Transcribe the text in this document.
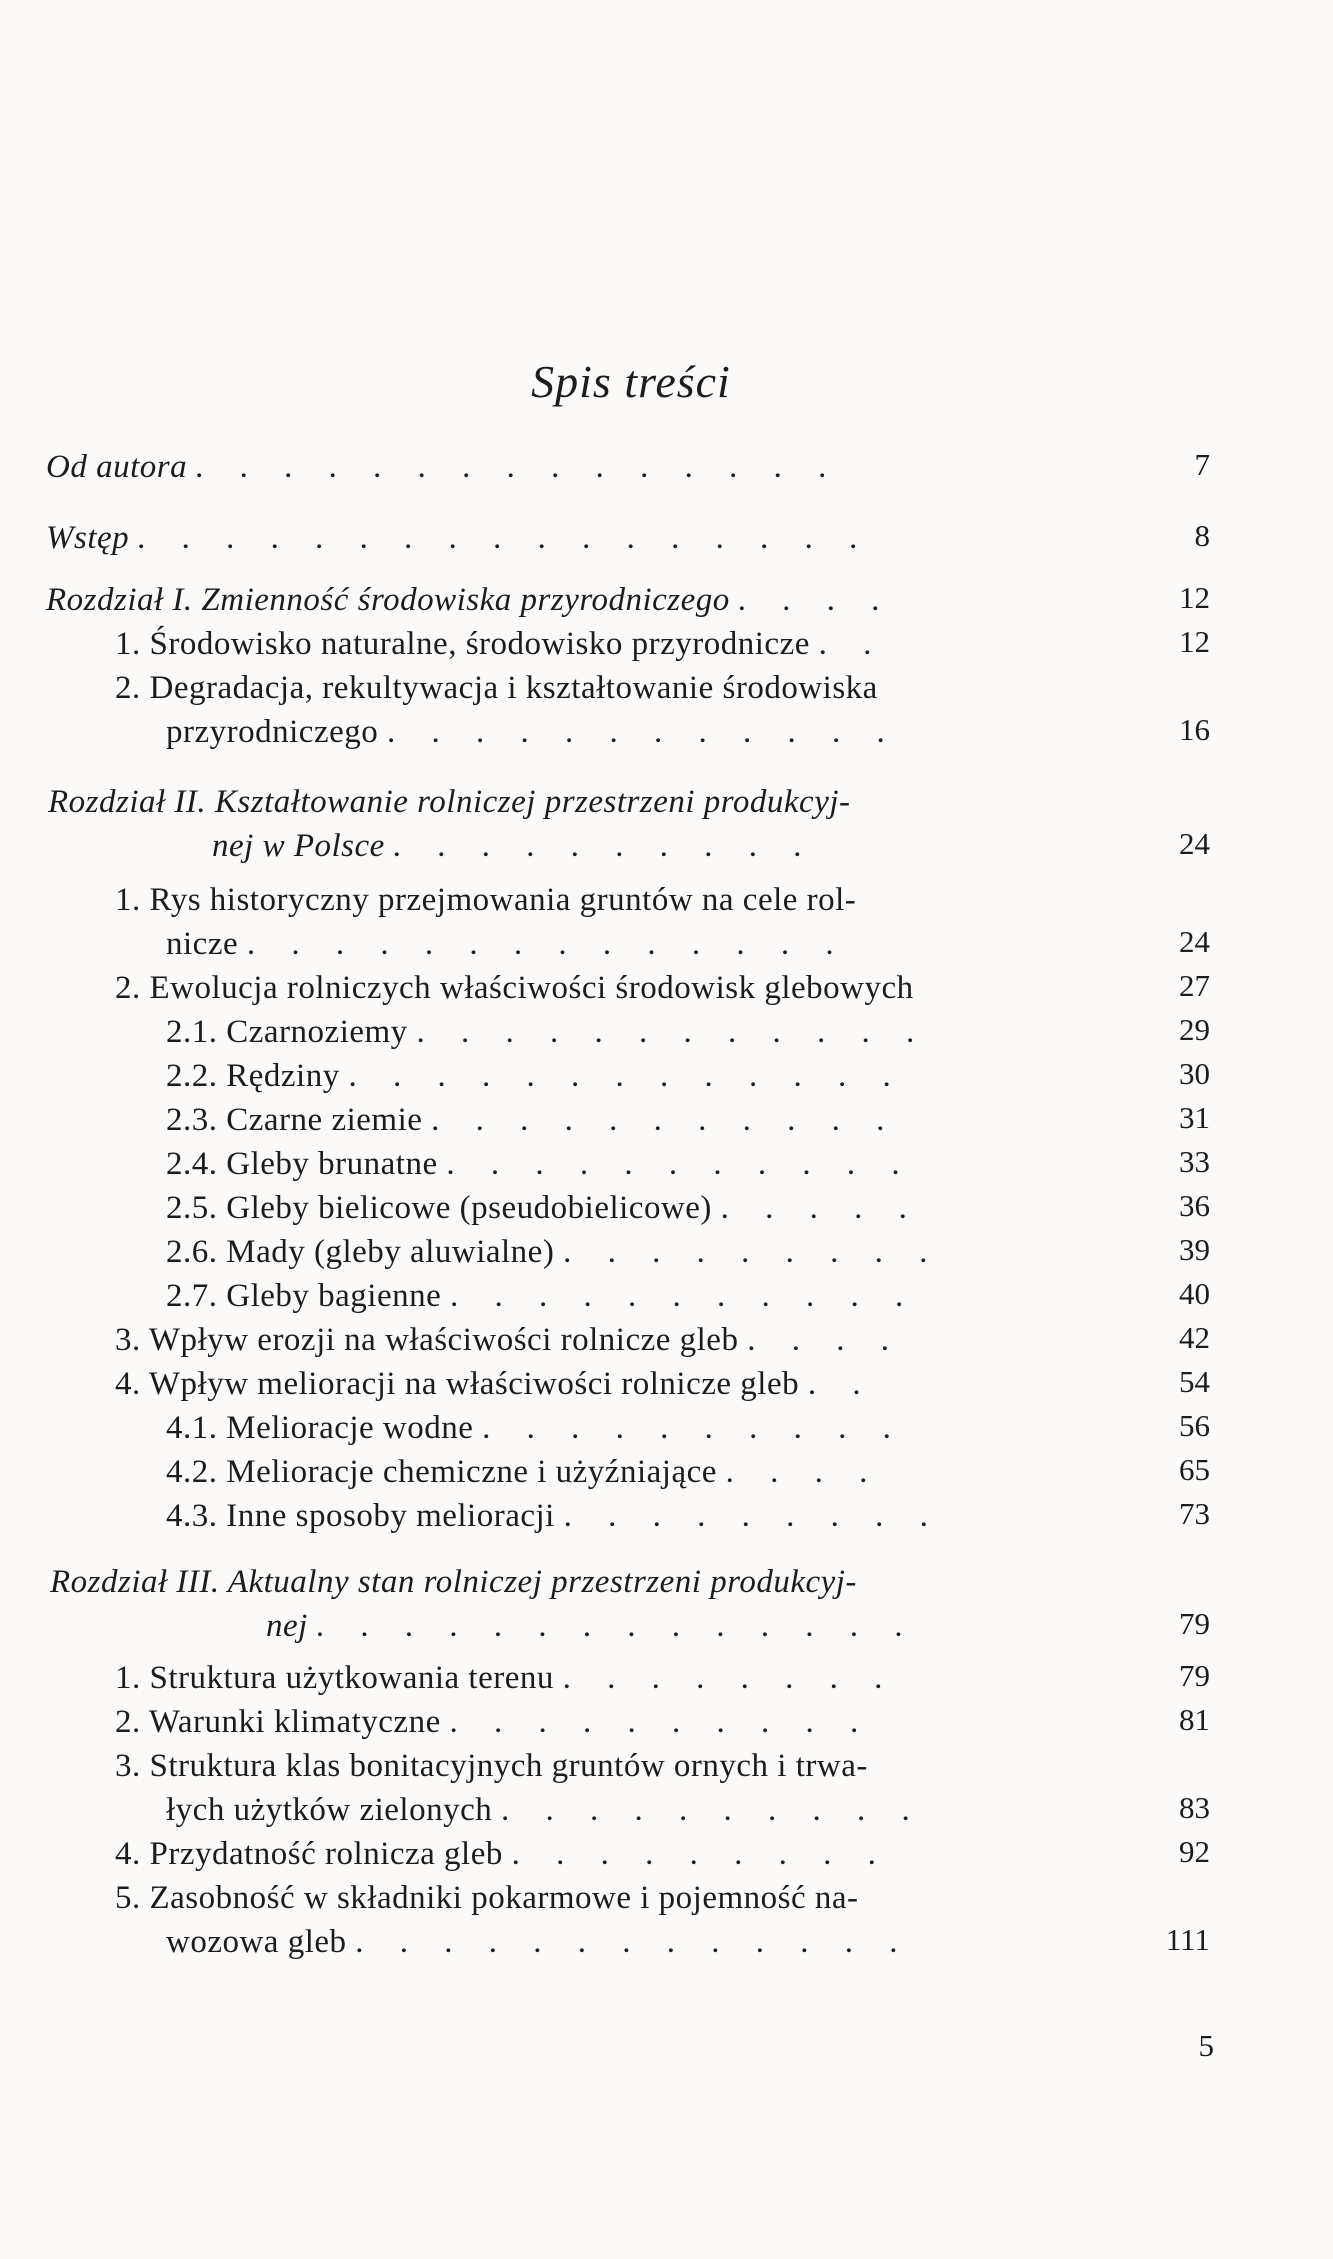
Spis treści
Od autora . . . . . . . . . . . . . . .	7
Wstęp . . . . . . . . . . . . . . . . .	8
Rozdział I. Zmienność środowiska przyrodniczego . . . .	12
1. Środowisko naturalne, środowisko przyrodnicze . .	12
2. Degradacja, rekultywacja i kształtowanie środowiska
przyrodniczego . . . . . . . . . . . .	16
Rozdział II. Kształtowanie rolniczej przestrzeni produkcyj-
nej w Polsce . . . . . . . . . .	24
1. Rys historyczny przejmowania gruntów na cele rol-
nicze . . . . . . . . . . . . . .	24
2. Ewolucja rolniczych właściwości środowisk glebowych	27
2.1. Czarnoziemy . . . . . . . . . . . .	29
2.2. Rędziny . . . . . . . . . . . . .	30
2.3. Czarne ziemie . . . . . . . . . . .	31
2.4. Gleby brunatne . . . . . . . . . . .	33
2.5. Gleby bielicowe (pseudobielicowe) . . . . .	36
2.6. Mady (gleby aluwialne) . . . . . . . . .	39
2.7. Gleby bagienne . . . . . . . . . . .	40
3. Wpływ erozji na właściwości rolnicze gleb . . . .	42
4. Wpływ melioracji na właściwości rolnicze gleb . .	54
4.1. Melioracje wodne . . . . . . . . . .	56
4.2. Melioracje chemiczne i użyźniające . . . .	65
4.3. Inne sposoby melioracji . . . . . . . . .	73
Rozdział III. Aktualny stan rolniczej przestrzeni produkcyj-
nej . . . . . . . . . . . . . .	79
1. Struktura użytkowania terenu . . . . . . . .	79
2. Warunki klimatyczne . . . . . . . . . .	81
3. Struktura klas bonitacyjnych gruntów ornych i trwa-
łych użytków zielonych . . . . . . . . . .	83
4. Przydatność rolnicza gleb . . . . . . . . .	92
5. Zasobność w składniki pokarmowe i pojemność na-
wozowa gleb . . . . . . . . . . . . .	111
5
